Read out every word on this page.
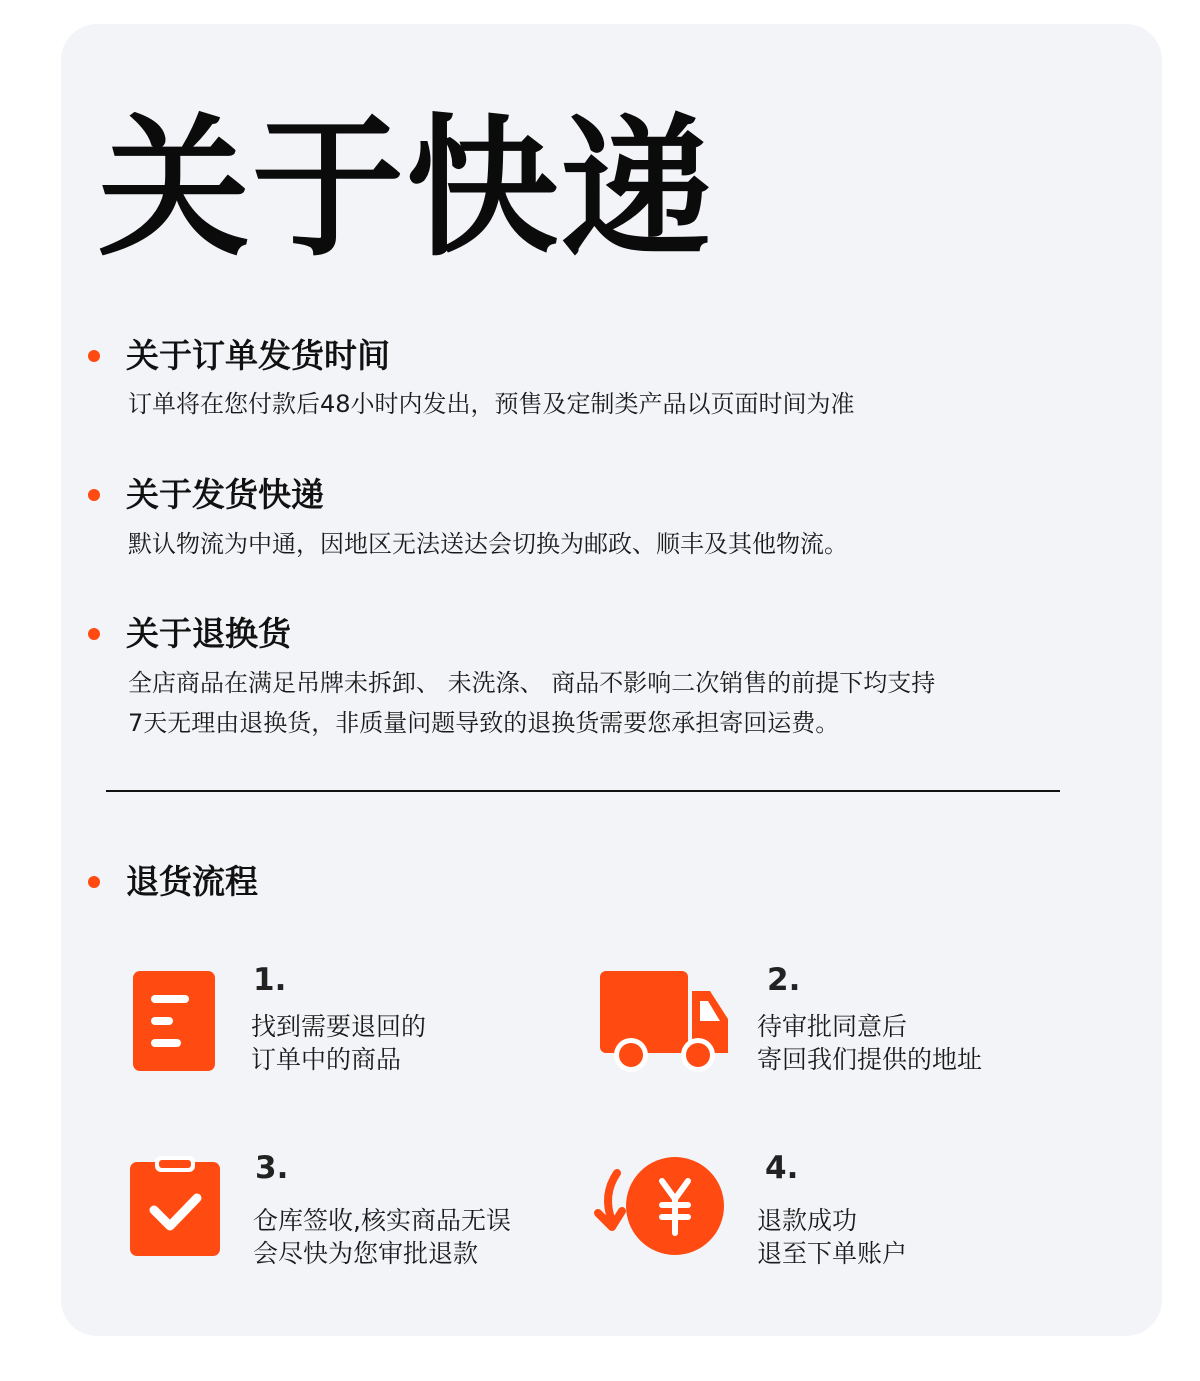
关于快递
关于订单发货时间

订单将在您付款后48小时内发出，预售及定制类产品以页面时间为准

关于发货快递

默认物流为中通，因地区无法送达会切换为邮政、顺丰及其他物流。

关于退换货

全店商品在满足吊牌未拆卸、 未洗涤、 商品不影响二次销售的前提下均支持

7天无理由退换货，非质量问题导致的退换货需要您承担寄回运费。

退货流程

1.

找到需要退回的

订单中的商品

2.

待审批同意后

寄回我们提供的地址

3.

仓库签收,核实商品无误

会尽快为您审批退款

4.

退款成功

退至下单账户
